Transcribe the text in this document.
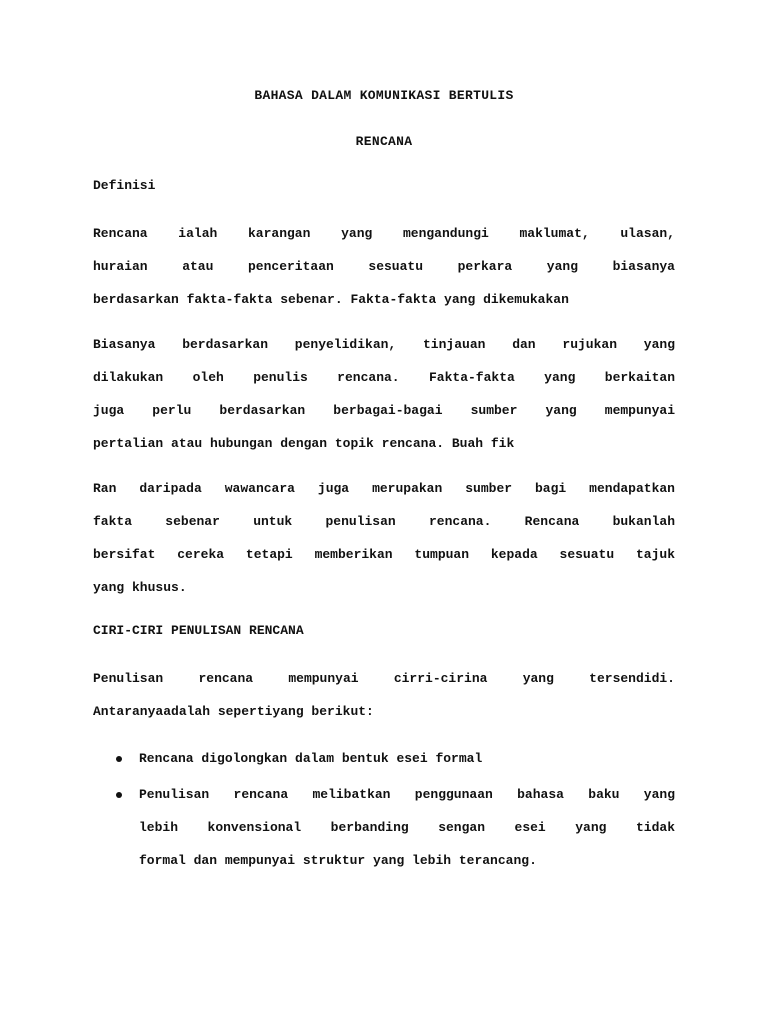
BAHASA DALAM KOMUNIKASI BERTULIS
RENCANA

Definisi

Rencana ialah karangan yang mengandungi maklumat, ulasan,
huraian atau penceritaan sesuatu perkara yang biasanya
berdasarkan fakta-fakta sebenar. Fakta-fakta yang dikemukakan
Biasanya berdasarkan penyelidikan, tinjauan dan rujukan yang
dilakukan oleh penulis rencana. Fakta-fakta yang berkaitan
juga perlu berdasarkan berbagai-bagai sumber yang mempunyai
pertalian atau hubungan dengan topik rencana. Buah fik
Ran daripada wawancara juga merupakan sumber bagi mendapatkan
fakta sebenar untuk penulisan rencana. Rencana bukanlah
bersifat cereka tetapi memberikan tumpuan kepada sesuatu tajuk
yang khusus.

CIRI-CIRI PENULISAN RENCANA

Penulisan rencana mempunyai cirri-cirina yang tersendidi.
Antaranyaadalah sepertiyang berikut:
Rencana digolongkan dalam bentuk esei formal
Penulisan rencana melibatkan penggunaan bahasa baku yang
lebih konvensional berbanding sengan esei yang tidak
formal dan mempunyai struktur yang lebih terancang.
